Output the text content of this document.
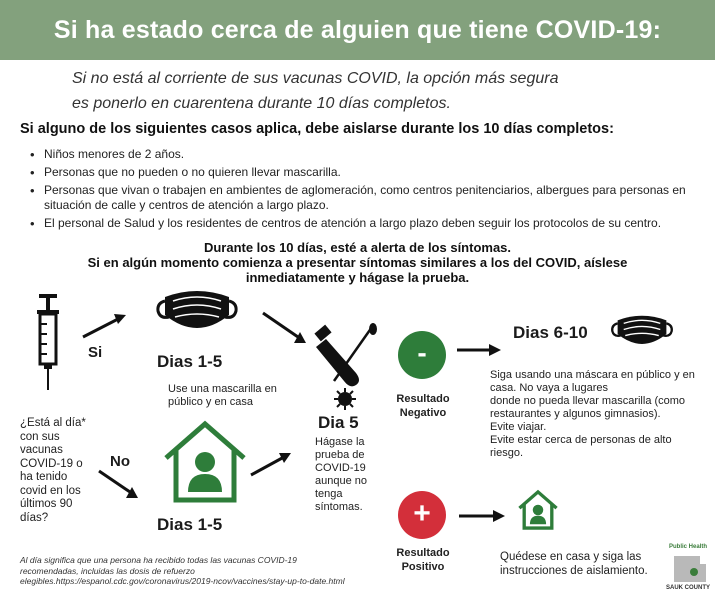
Si ha estado cerca de alguien que tiene COVID-19:
Si no está al corriente de sus vacunas COVID, la opción más segura
es ponerlo en cuarentena durante 10 días completos.
Si alguno de los siguientes casos aplica, debe aislarse durante los 10 días completos:
• Niños menores de 2 años.
• Personas que no pueden o no quieren llevar mascarilla.
• Personas que vivan o trabajen en ambientes de aglomeración, como centros penitenciarios, albergues para personas en situación de calle y centros de atención a largo plazo.
• El personal de Salud y los residentes de centros de atención a largo plazo deben seguir los protocolos de su centro.
Durante los 10 días, esté a alerta de los síntomas.
Si en algún momento comienza a presentar síntomas similares a los del COVID, aíslese
inmediatamente y hágase la prueba.
Si	Dias 1-5
Use una mascarilla en público y en casa
Dia 5
Hágase la prueba de COVID-19 aunque no tenga síntomas.
¿Está al día* con sus vacunas COVID-19 o ha tenido covid en los últimos 90 días?
No
Dias 1-5
-
Resultado Negativo
Dias 6-10
Siga usando una máscara en público y en casa. No vaya a lugares
donde no pueda llevar mascarilla (como restaurantes y algunos gimnasios).
Evite viajar.
Evite estar cerca de personas de alto riesgo.
+
Resultado Positivo
Quédese en casa y siga las instrucciones de aislamiento.
Al día significa que una persona ha recibido todas las vacunas COVID-19 recomendadas, incluidas las dosis de refuerzo elegibles.https://espanol.cdc.gov/coronavirus/2019-ncov/vaccines/stay-up-to-date.html
Public Health
SAUK COUNTY
